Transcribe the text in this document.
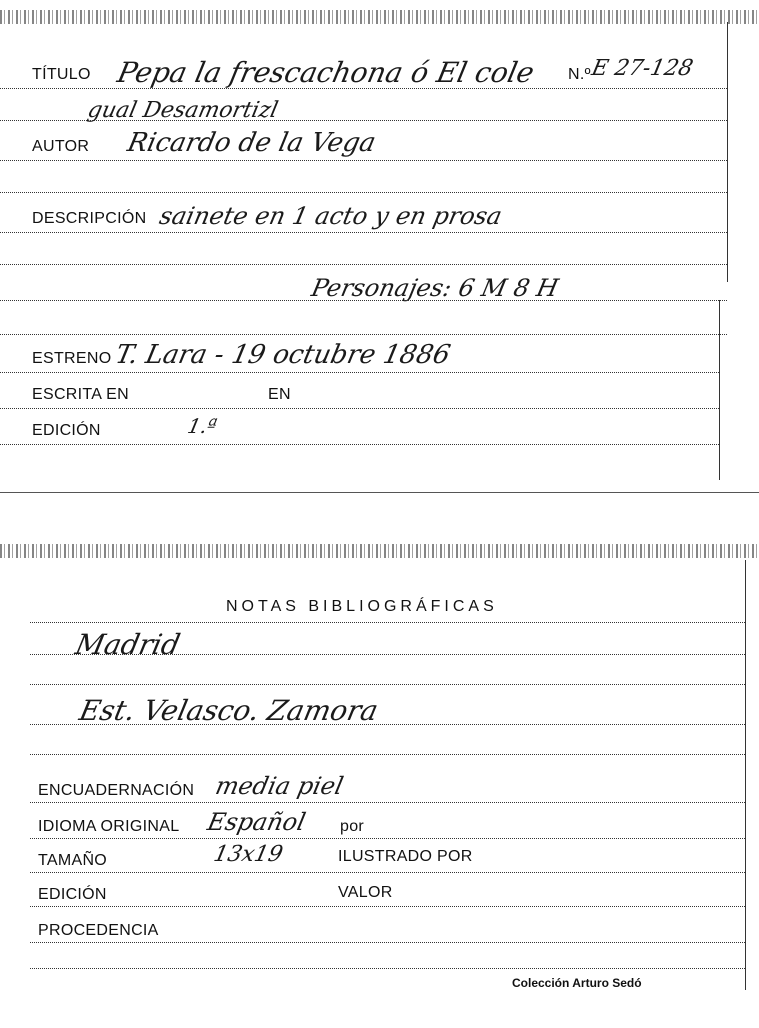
TÍTULO Pepa la frescachona ó El cole N.º
E 27-128
gual Desamortizl
AUTOR Ricardo de la Vega
DESCRIPCIÓN sainete en 1 acto y en prosa
Personajes: 6 M 8 H
ESTRENO T. Lara - 19 octubre 1886
ESCRITA EN	EN
EDICIÓN	1.ª
NOTAS BIBLIOGRÁFICAS
Madrid
Est. Velasco. Zamora
ENCUADERNACIÓN media piel
IDIOMA ORIGINAL Español por
TAMAÑO	13x19	ILUSTRADO POR
EDICIÓN	VALOR
PROCEDENCIA
Colección Arturo Sedó
